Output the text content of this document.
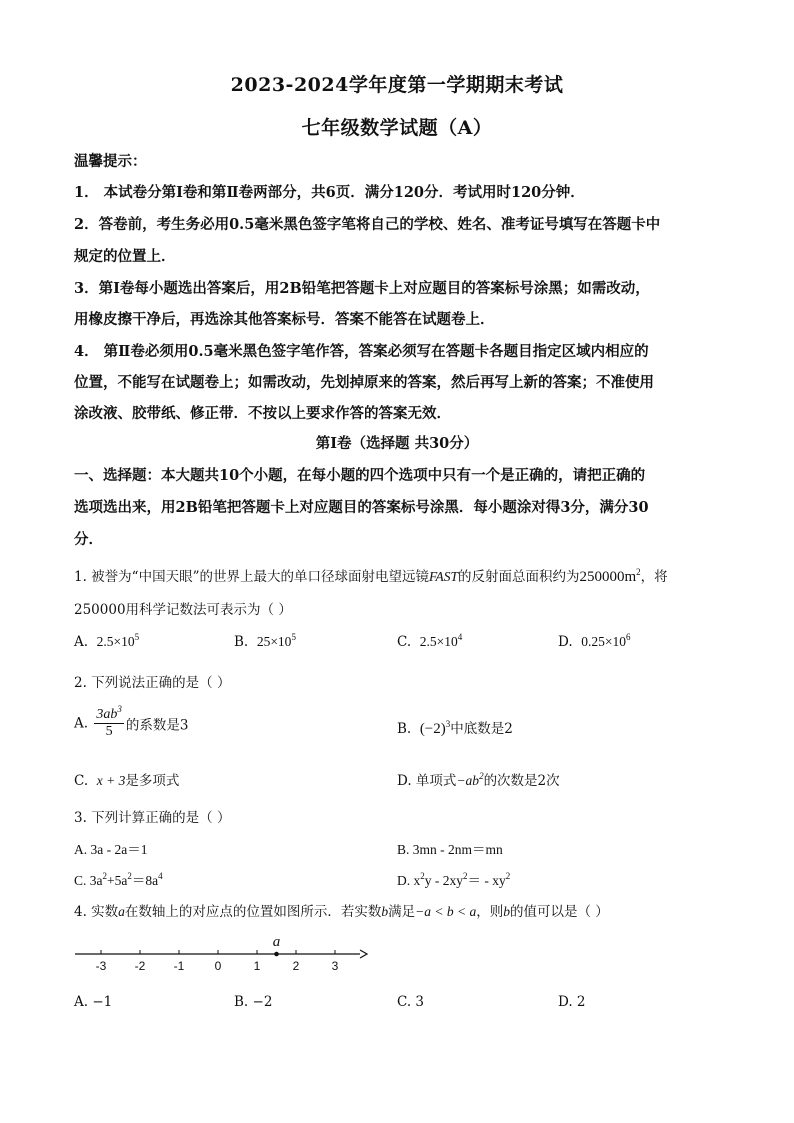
2023-2024学年度第一学期期末考试
七年级数学试题（A）
温馨提示：
1． 本试卷分第Ⅰ卷和第Ⅱ卷两部分，共6页．满分120分．考试用时120分钟．
2．答卷前，考生务必用0.5毫米黑色签字笔将自己的学校、姓名、准考证号填写在答题卡中
规定的位置上．
3．第Ⅰ卷每小题选出答案后，用2B铅笔把答题卡上对应题目的答案标号涂黑；如需改动，
用橡皮擦干净后，再选涂其他答案标号．答案不能答在试题卷上．
4． 第Ⅱ卷必须用0.5毫米黑色签字笔作答，答案必须写在答题卡各题目指定区域内相应的
位置，不能写在试题卷上；如需改动，先划掉原来的答案，然后再写上新的答案；不准使用
涂改液、胶带纸、修正带．不按以上要求作答的答案无效．
第Ⅰ卷（选择题 共30分）
一、选择题：本大题共10个小题，在每小题的四个选项中只有一个是正确的，请把正确的
选项选出来，用2B铅笔把答题卡上对应题目的答案标号涂黑．每小题涂对得3分，满分30
分．
1. 被誉为“中国天眼”的世界上最大的单口径球面射电望远镜FAST的反射面总面积约为$250000m^2$，将
250000用科学记数法可表示为（ ）
A. $2.5\times 10^5$	B. $25\times 10^5$	C. $2.5\times 10^4$	D. $0.25\times 10^6$
2. 下列说法正确的是（ ）
A. $\frac{3ab^3}{5}$ 的系数是3	B. $(-2)^3$中底数是2
C. x + 3是多项式	D. 单项式$-ab^2$的次数是2次
3. 下列计算正确的是（ ）
A. 3a - 2a＝1	B. 3mn - 2nm＝mn
C. $3a^2+5a^2=8a^4$	D. $x^2y - 2xy^2= - xy^2$
4. 实数a在数轴上的对应点的位置如图所示．若实数b满足−a < b < a，则b的值可以是（ ）
-3 -2 -1	0	1	2	3
a
A. −1	B. −2	C. 3	D. 2
